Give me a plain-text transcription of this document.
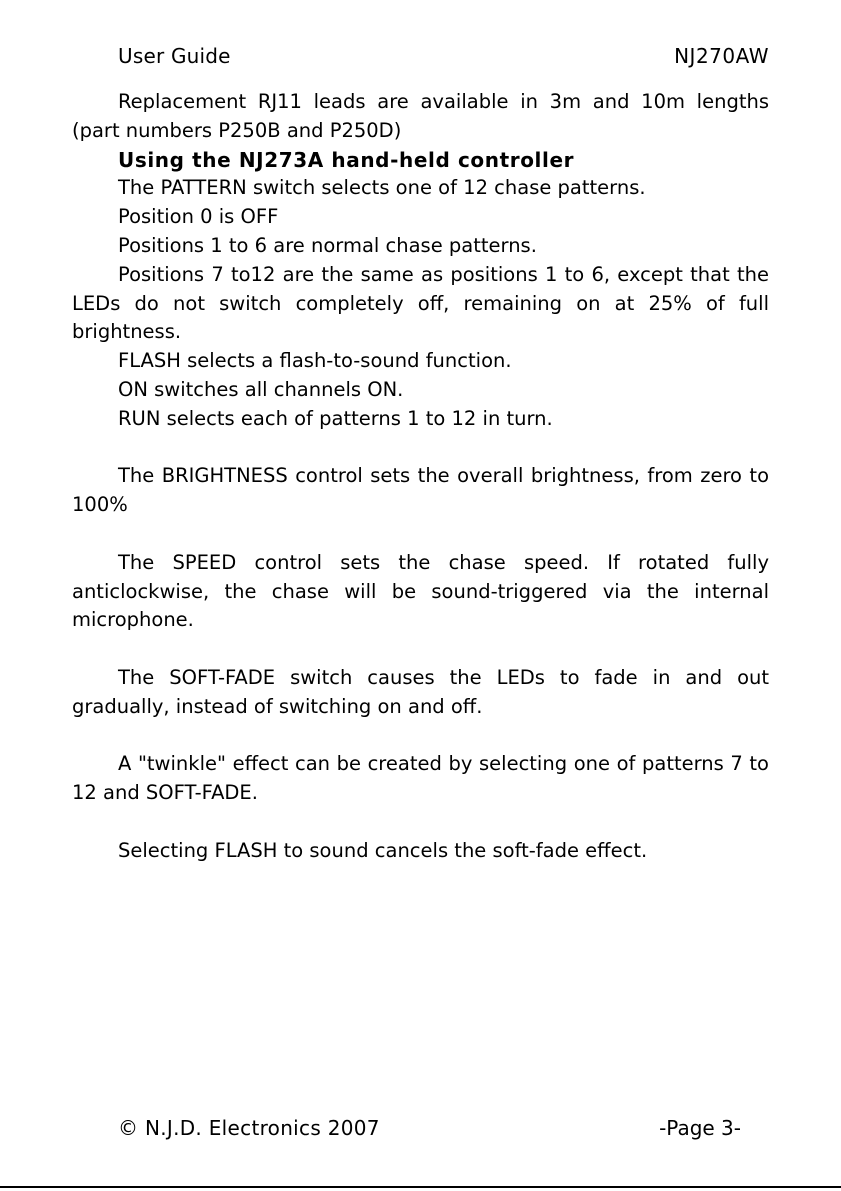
User Guide	NJ270AW

Replacement RJ11 leads are available in 3m and 10m lengths (part numbers P250B and P250D)

Using the NJ273A hand-held controller

The PATTERN switch selects one of 12 chase patterns.

Position 0 is OFF

Positions 1 to 6 are normal chase patterns.

Positions 7 to12 are the same as positions 1 to 6, except that the LEDs do not switch completely off, remaining on at 25% of full brightness.

FLASH selects a flash-to-sound function.

ON switches all channels ON.

RUN selects each of patterns 1 to 12 in turn.

The BRIGHTNESS control sets the overall brightness, from zero to 100%

The SPEED control sets the chase speed. If rotated fully anticlockwise, the chase will be sound-triggered via the internal microphone.

The SOFT-FADE switch causes the LEDs to fade in and out gradually, instead of switching on and off.

A "twinkle" effect can be created by selecting one of patterns 7 to 12 and SOFT-FADE.

Selecting FLASH to sound cancels the soft-fade effect.

© N.J.D. Electronics 2007	-Page 3-
